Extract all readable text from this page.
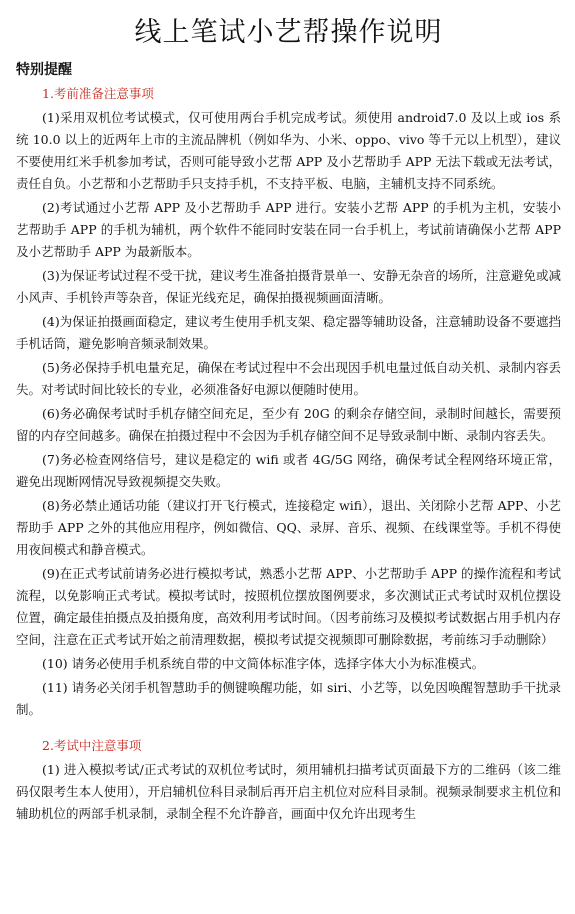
线上笔试小艺帮操作说明
特别提醒
1.考前准备注意事项

(1)采用双机位考试模式，仅可使用两台手机完成考试。须使用 android7.0 及以上或 ios 系统 10.0 以上的近两年上市的主流品牌机（例如华为、小米、oppo、vivo 等千元以上机型），建议不要使用红米手机参加考试，否则可能导致小艺帮 APP 及小艺帮助手 APP 无法下载或无法考试，责任自负。小艺帮和小艺帮助手只支持手机，不支持平板、电脑，主辅机支持不同系统。

(2)考试通过小艺帮 APP 及小艺帮助手 APP 进行。安装小艺帮 APP 的手机为主机，安装小艺帮助手 APP 的手机为辅机，两个软件不能同时安装在同一台手机上，考试前请确保小艺帮 APP 及小艺帮助手 APP 为最新版本。

(3)为保证考试过程不受干扰，建议考生准备拍摄背景单一、安静无杂音的场所，注意避免或减小风声、手机铃声等杂音，保证光线充足，确保拍摄视频画面清晰。

(4)为保证拍摄画面稳定，建议考生使用手机支架、稳定器等辅助设备，注意辅助设备不要遮挡手机话筒，避免影响音频录制效果。

(5)务必保持手机电量充足，确保在考试过程中不会出现因手机电量过低自动关机、录制内容丢失。对考试时间比较长的专业，必须准备好电源以便随时使用。

(6)务必确保考试时手机存储空间充足，至少有 20G 的剩余存储空间，录制时间越长，需要预留的内存空间越多。确保在拍摄过程中不会因为手机存储空间不足导致录制中断、录制内容丢失。

(7)务必检查网络信号，建议是稳定的 wifi 或者 4G/5G 网络，确保考试全程网络环境正常，避免出现断网情况导致视频提交失败。

(8)务必禁止通话功能（建议打开飞行模式，连接稳定 wifi），退出、关闭除小艺帮 APP、小艺帮助手 APP 之外的其他应用程序，例如微信、QQ、录屏、音乐、视频、在线课堂等。手机不得使用夜间模式和静音模式。

(9)在正式考试前请务必进行模拟考试，熟悉小艺帮 APP、小艺帮助手 APP 的操作流程和考试流程，以免影响正式考试。模拟考试时，按照机位摆放图例要求，多次测试正式考试时双机位摆设位置，确定最佳拍摄点及拍摄角度，高效利用考试时间。（因考前练习及模拟考试数据占用手机内存空间，注意在正式考试开始之前清理数据，模拟考试提交视频即可删除数据，考前练习手动删除）

(10) 请务必使用手机系统自带的中文简体标准字体，选择字体大小为标准模式。

(11) 请务必关闭手机智慧助手的侧键唤醒功能，如 siri、小艺等，以免因唤醒智慧助手干扰录制。

2.考试中注意事项

(1) 进入模拟考试/正式考试的双机位考试时，须用辅机扫描考试页面最下方的二维码（该二维码仅限考生本人使用），开启辅机位科目录制后再开启主机位对应科目录制。视频录制要求主机位和辅助机位的两部手机录制，录制全程不允许静音，画面中仅允许出现考生
